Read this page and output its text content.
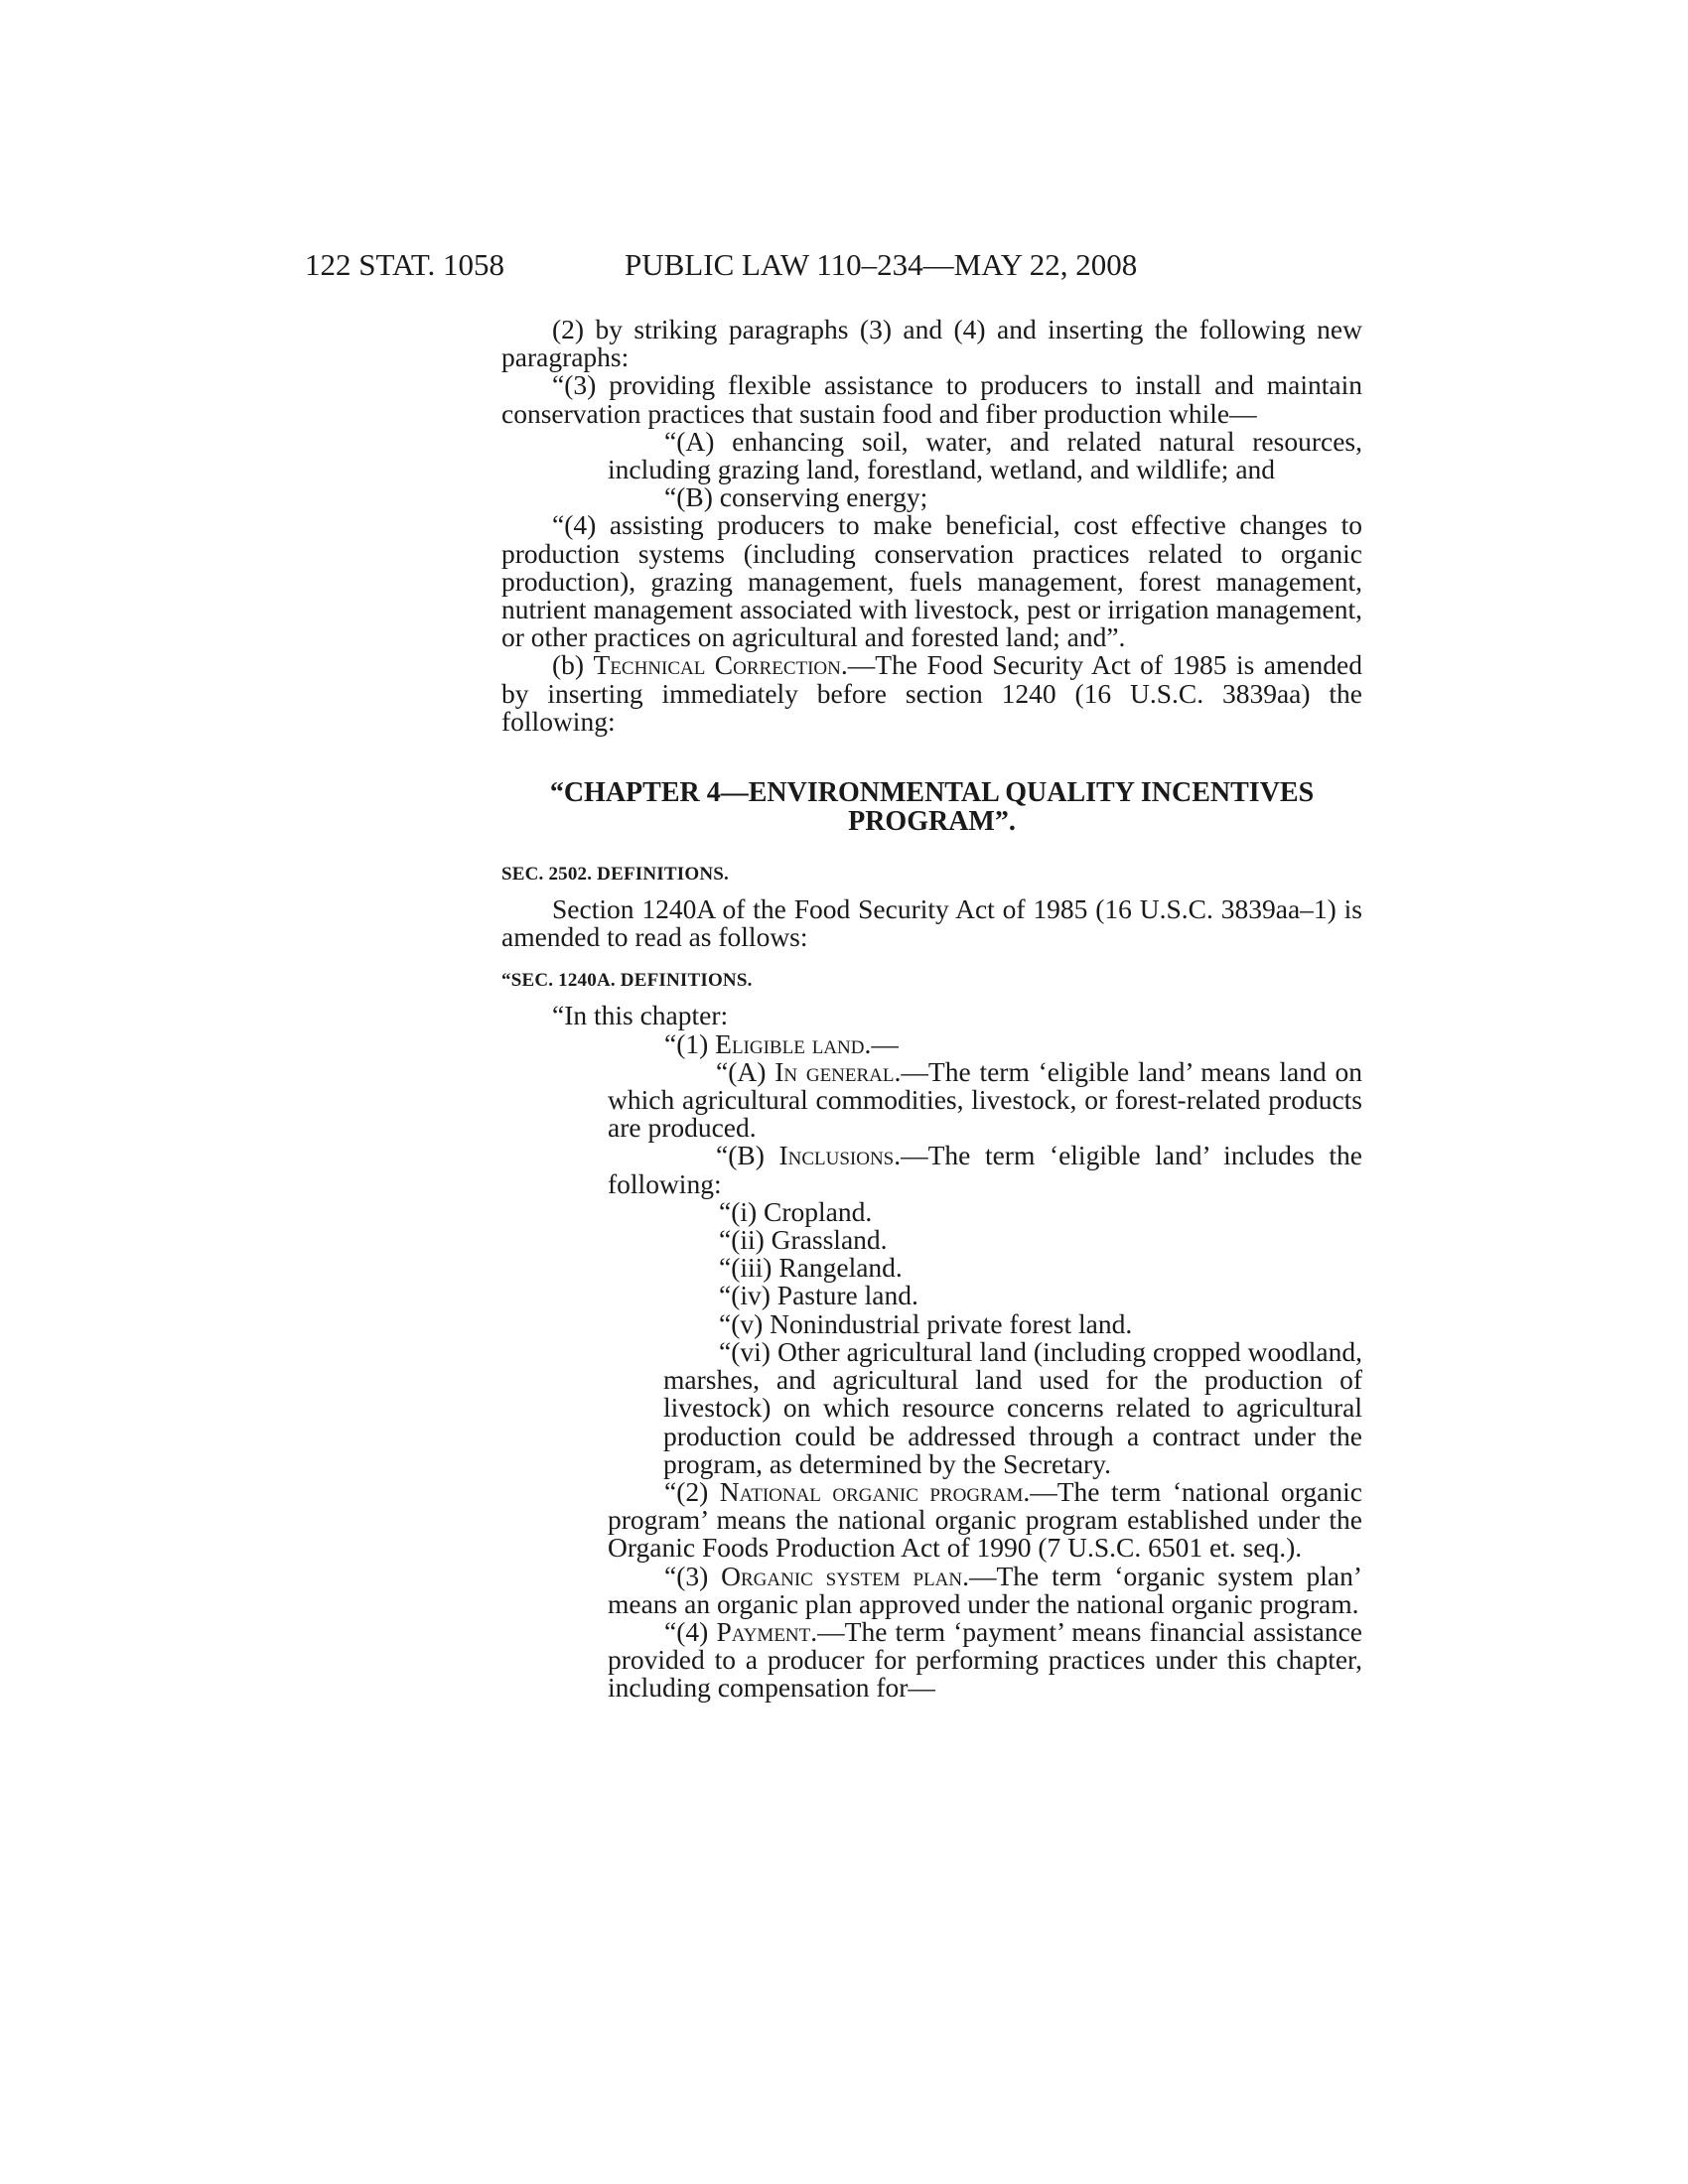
122 STAT. 1058	PUBLIC LAW 110–234—MAY 22, 2008

(2) by striking paragraphs (3) and (4) and inserting the following new paragraphs:

“(3) providing flexible assistance to producers to install and maintain conservation practices that sustain food and fiber production while—

“(A) enhancing soil, water, and related natural resources, including grazing land, forestland, wetland, and wildlife; and

“(B) conserving energy;

“(4) assisting producers to make beneficial, cost effective changes to production systems (including conservation practices related to organic production), grazing management, fuels management, forest management, nutrient management associated with livestock, pest or irrigation management, or other practices on agricultural and forested land; and”.

(b) Technical Correction.—The Food Security Act of 1985 is amended by inserting immediately before section 1240 (16 U.S.C. 3839aa) the following:

“CHAPTER 4—ENVIRONMENTAL QUALITY INCENTIVES PROGRAM”.

SEC. 2502. DEFINITIONS.

Section 1240A of the Food Security Act of 1985 (16 U.S.C. 3839aa–1) is amended to read as follows:

“SEC. 1240A. DEFINITIONS.

“In this chapter:

“(1) Eligible land.—

“(A) In general.—The term ‘eligible land’ means land on which agricultural commodities, livestock, or forest-related products are produced.

“(B) Inclusions.—The term ‘eligible land’ includes the following:

“(i) Cropland.

“(ii) Grassland.

“(iii) Rangeland.

“(iv) Pasture land.

“(v) Nonindustrial private forest land.

“(vi) Other agricultural land (including cropped woodland, marshes, and agricultural land used for the production of livestock) on which resource concerns related to agricultural production could be addressed through a contract under the program, as determined by the Secretary.

“(2) National organic program.—The term ‘national organic program’ means the national organic program established under the Organic Foods Production Act of 1990 (7 U.S.C. 6501 et. seq.).

“(3) Organic system plan.—The term ‘organic system plan’ means an organic plan approved under the national organic program.

“(4) Payment.—The term ‘payment’ means financial assistance provided to a producer for performing practices under this chapter, including compensation for—
